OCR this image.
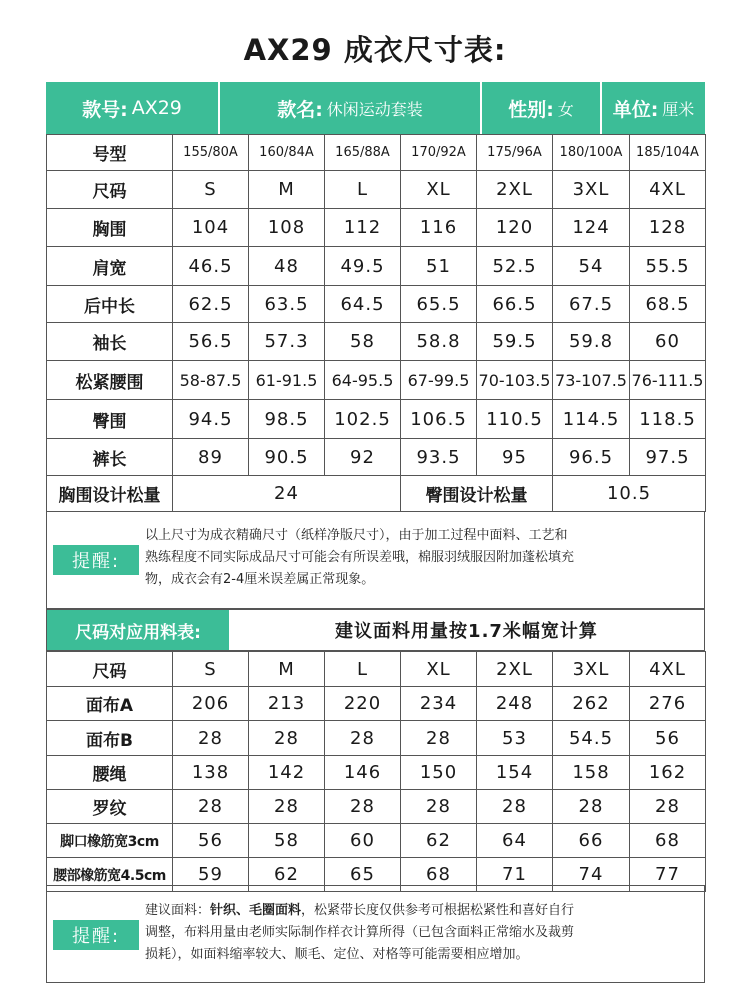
AX29 成衣尺寸表:
款号: AX29	款名: 休闲运动套装	性别: 女 单位: 厘米
号型	155/80A	160/84A	165/88A	170/92A	175/96A	180/100A	185/104A
尺码	S	M	L	XL	2XL	3XL	4XL
胸围	104	108	112	116	120	124	128
肩宽	46.5	48	49.5	51	52.5	54	55.5
后中长	62.5	63.5	64.5	65.5	66.5	67.5	68.5
袖长	56.5	57.3	58	58.8	59.5	59.8	60
松紧腰围	58-87.5	61-91.5	64-95.5	67-99.5	70-103.5	73-107.5	76-111.5
臀围	94.5	98.5	102.5	106.5	110.5	114.5	118.5
裤长	89	90.5	92	93.5	95	96.5	97.5
胸围设计松量	24			臀围设计松量		10.5	
提醒:
以上尺寸为成衣精确尺寸（纸样净版尺寸），由于加工过程中面料、工艺和
熟练程度不同实际成品尺寸可能会有所误差哦，棉服羽绒服因附加蓬松填充
物，成衣会有2-4厘米误差属正常现象。
尺码对应用料表:	建议面料用量按1.7米幅宽计算
尺码	S	M	L	XL	2XL	3XL	4XL
面布A	206	213	220	234	248	262	276
面布B	28	28	28	28	53	54.5	56
腰绳	138	142	146	150	154	158	162
罗纹	28	28	28	28	28	28	28
脚口橡筋宽3cm	56	58	60	62	64	66	68
腰部橡筋宽4.5cm	59	62	65	68	71	74	77
提醒:
建议面料：针织、毛圈面料，松紧带长度仅供参考可根据松紧性和喜好自行
调整，布料用量由老师实际制作样衣计算所得（已包含面料正常缩水及裁剪
损耗），如面料缩率较大、顺毛、定位、对格等可能需要相应增加。
